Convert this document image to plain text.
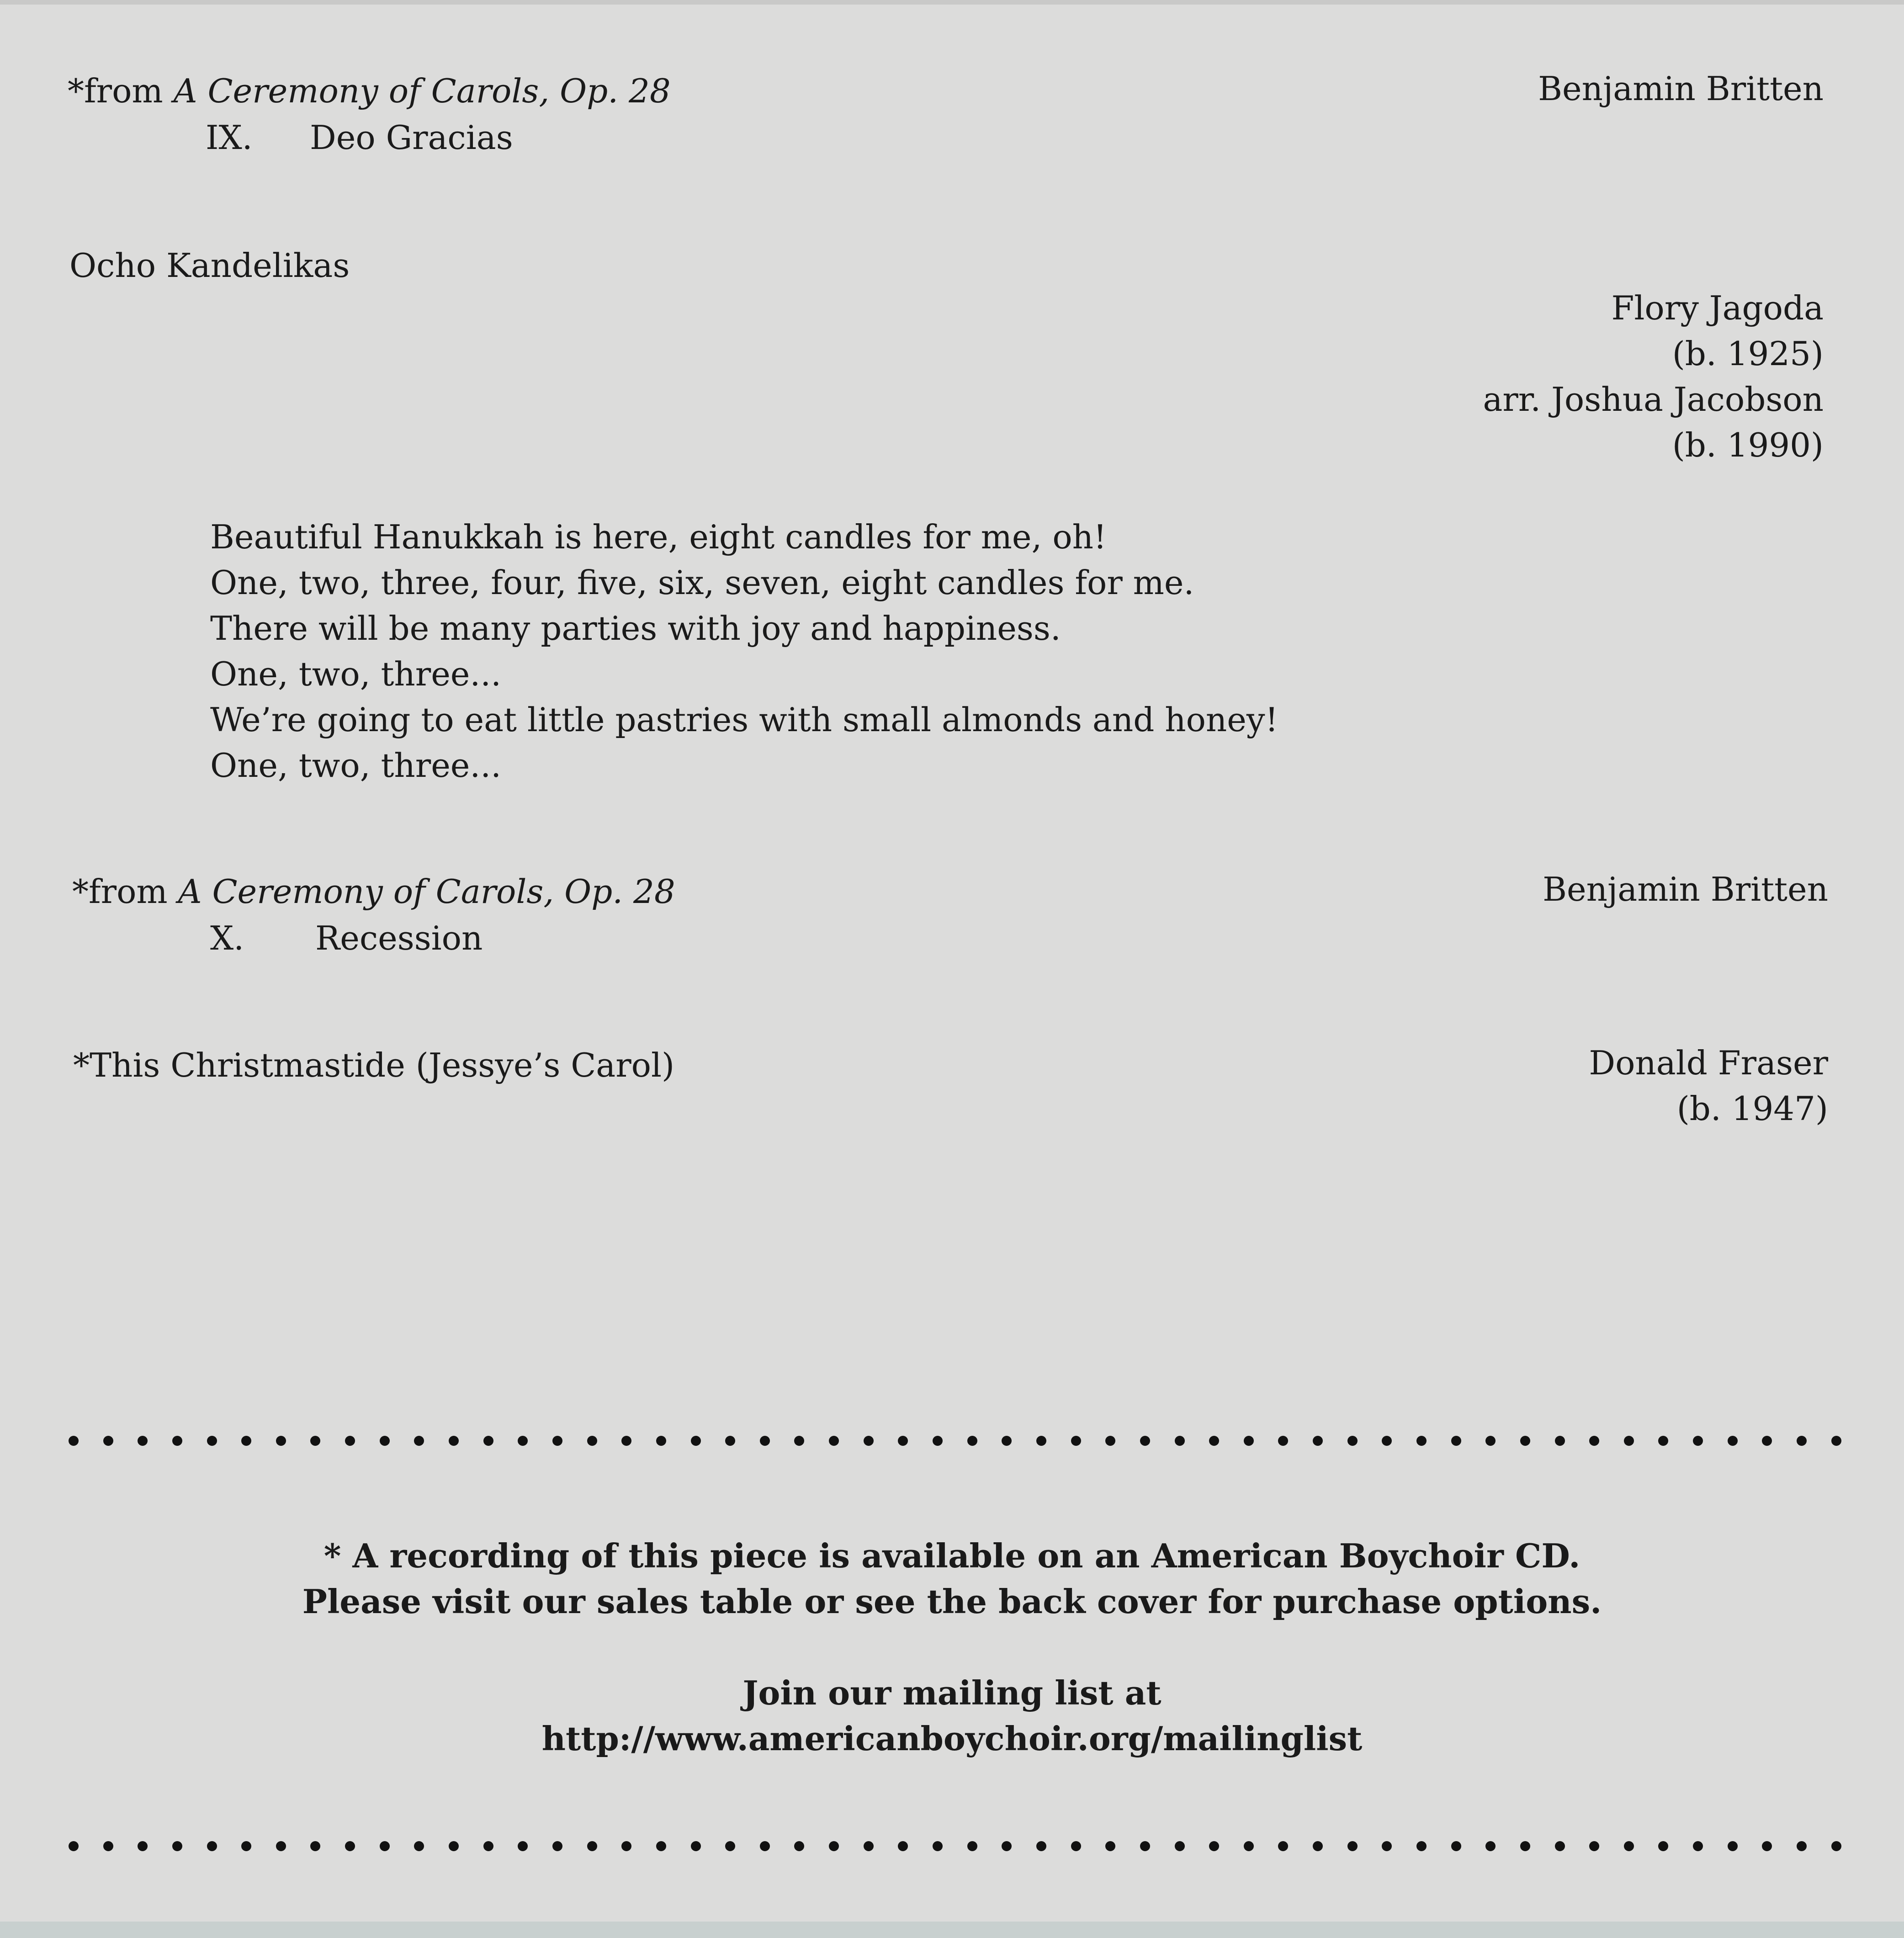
*from A Ceremony of Carols, Op. 28
IX. Deo Gracias
Benjamin Britten
Ocho Kandelikas
Flory Jagoda
(b. 1925)
arr. Joshua Jacobson
(b. 1990)
Beautiful Hanukkah is here, eight candles for me, oh!
One, two, three, four, five, six, seven, eight candles for me.
There will be many parties with joy and happiness.
One, two, three...
We’re going to eat little pastries with small almonds and honey!
One, two, three...
*from A Ceremony of Carols, Op. 28
X. Recession
Benjamin Britten
*This Christmastide (Jessye’s Carol)	Donald Fraser
(b. 1947)
* A recording of this piece is available on an American Boychoir CD.
Please visit our sales table or see the back cover for purchase options.
Join our mailing list at
http://www.americanboychoir.org/mailinglist
